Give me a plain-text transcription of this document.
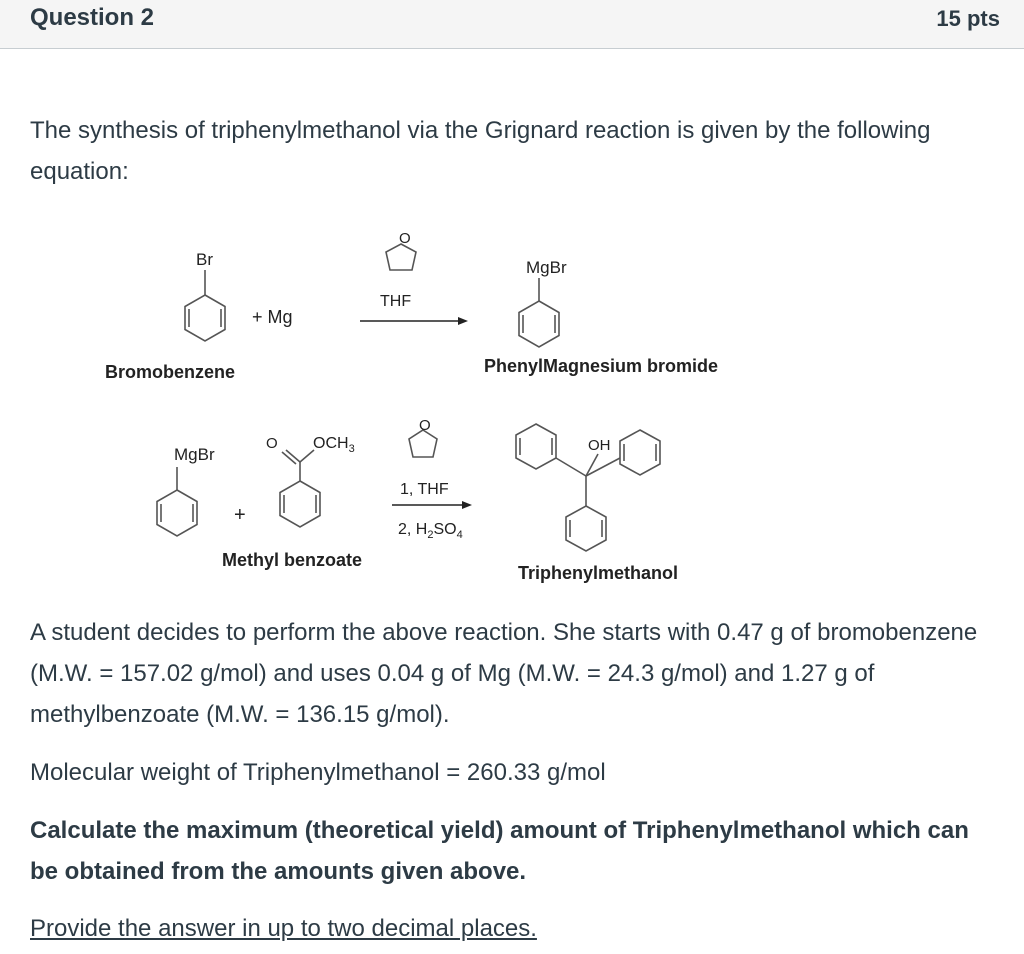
Question 2	15 pts
The synthesis of triphenylmethanol via the Grignard reaction is given by the following equation:
Br
+ Mg
Bromobenzene
O
THF
MgBr
PhenylMagnesium bromide
MgBr
+
O $OCH_3$
Methyl benzoate
O
1, THF
2, $H_2SO_4$
OH
Triphenylmethanol
A student decides to perform the above reaction. She starts with 0.47 g of bromobenzene (M.W. = 157.02 g/mol) and uses 0.04 g of Mg (M.W. = 24.3 g/mol) and 1.27 g of methylbenzoate (M.W. = 136.15 g/mol).
Molecular weight of Triphenylmethanol = 260.33 g/mol
Calculate the maximum (theoretical yield) amount of Triphenylmethanol which can be obtained from the amounts given above.
Provide the answer in up to two decimal places.
